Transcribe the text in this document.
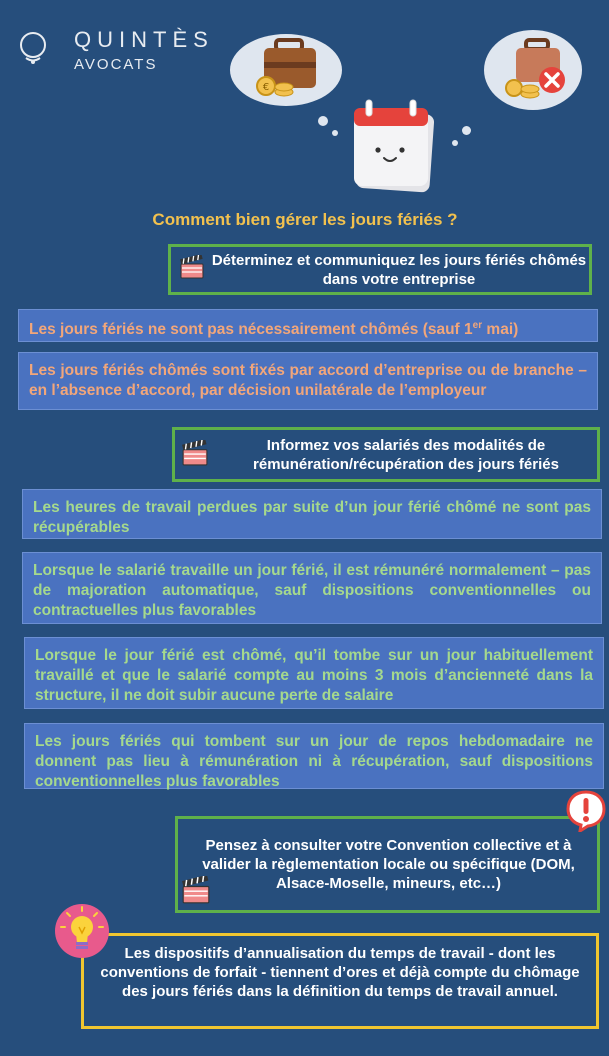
QUINTÈS
AVOCATS
€
Comment bien gérer les jours fériés ?
Déterminez et communiquez les jours fériés chômés dans votre entreprise
Les jours fériés ne sont pas nécessairement chômés (sauf 1er mai)
Les jours fériés chômés sont fixés par accord d’entreprise ou de branche – en l’absence d’accord, par décision unilatérale de l’employeur
Informez vos salariés des modalités de rémunération/récupération des jours fériés
Les heures de travail perdues par suite d’un jour férié chômé ne sont pas récupérables
Lorsque le salarié travaille un jour férié, il est rémunéré normalement – pas de majoration automatique, sauf dispositions conventionnelles ou contractuelles plus favorables
Lorsque le jour férié est chômé, qu’il tombe sur un jour habituellement travaillé et que le salarié compte au moins 3 mois d’ancienneté dans la structure, il ne doit subir aucune perte de salaire
Les jours fériés qui tombent sur un jour de repos hebdomadaire ne donnent pas lieu à rémunération ni à récupération, sauf dispositions conventionnelles plus favorables
Pensez à consulter votre Convention collective et à valider la règlementation locale ou spécifique (DOM, Alsace-Moselle, mineurs, etc…)
Les dispositifs d’annualisation du temps de travail - dont les conventions de forfait - tiennent d’ores et déjà compte du chômage des jours fériés dans la définition du temps de travail annuel.
